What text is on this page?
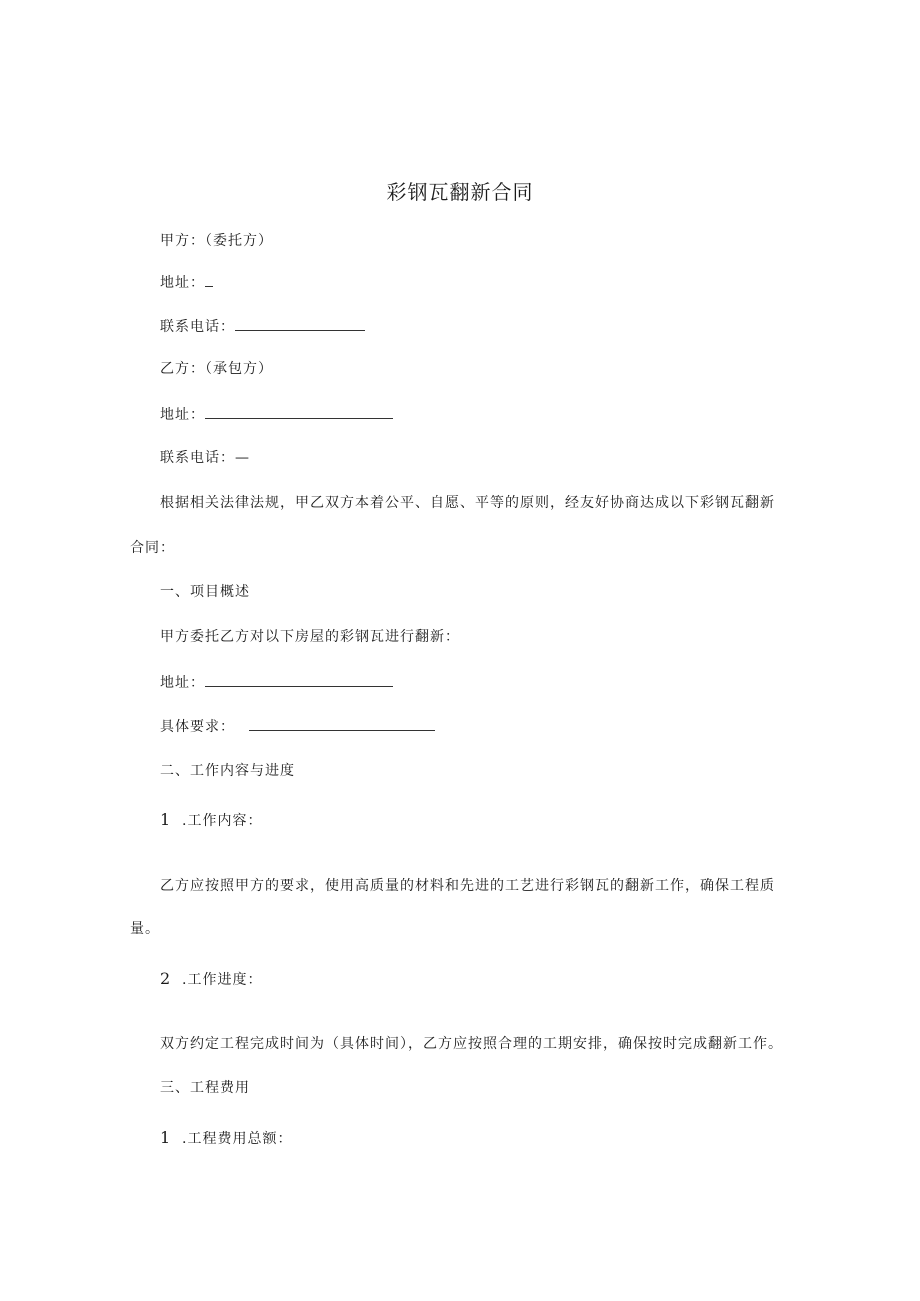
彩钢瓦翻新合同
甲方：（委托方）
地址：
联系电话：
乙方：（承包方）
地址：
联系电话：—
根据相关法律法规，甲乙双方本着公平、自愿、平等的原则，经友好协商达成以下彩钢瓦翻新
合同：
一、项目概述
甲方委托乙方对以下房屋的彩钢瓦进行翻新：
地址：
具体要求：
二、工作内容与进度
1 .工作内容：
乙方应按照甲方的要求，使用高质量的材料和先进的工艺进行彩钢瓦的翻新工作，确保工程质
量。
2 .工作进度：
双方约定工程完成时间为（具体时间），乙方应按照合理的工期安排，确保按时完成翻新工作。
三、工程费用
1 .工程费用总额：
